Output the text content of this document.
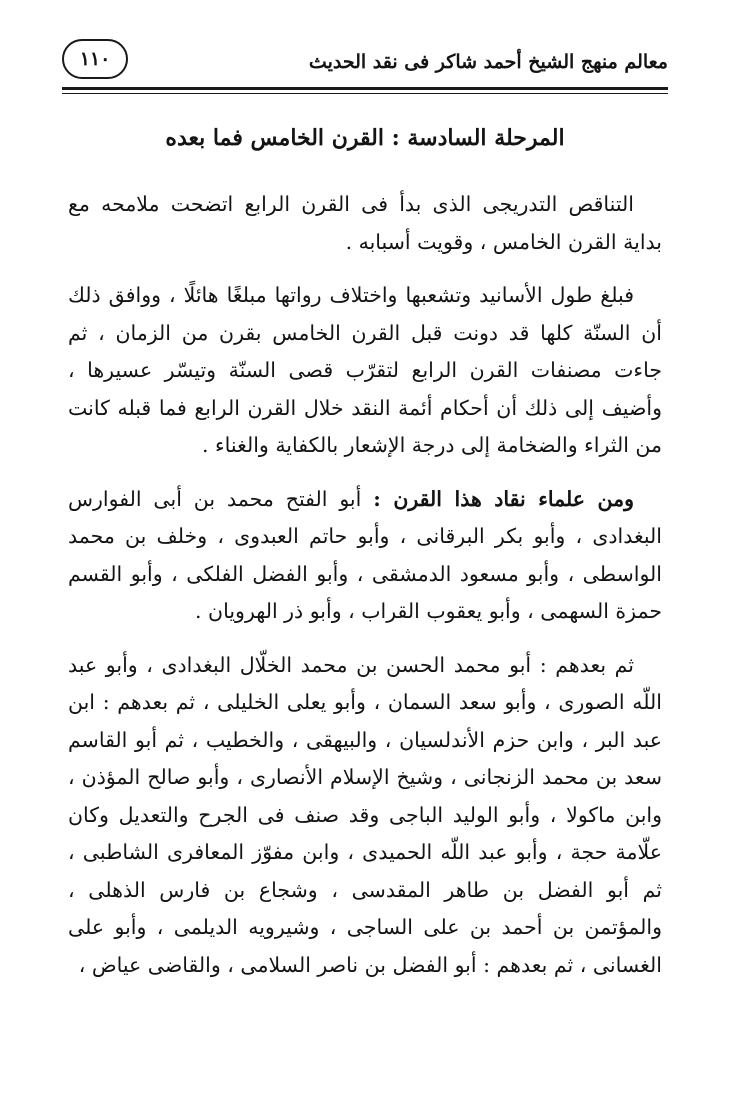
معالم منهج الشيخ أحمد شاكر فى نقد الحديث
١١٠
المرحلة السادسة : القرن الخامس فما بعده

التناقص التدريجى الذى بدأ فى القرن الرابع اتضحت ملامحه مع بداية القرن الخامس ، وقويت أسبابه .

فبلغ طول الأسانيد وتشعبها واختلاف رواتها مبلغًا هائلًا ، ووافق ذلك أن السنّة كلها قد دونت قبل القرن الخامس بقرن من الزمان ، ثم جاءت مصنفات القرن الرابع لتقرّب قصى السنّة وتيسّر عسيرها ، وأضيف إلى ذلك أن أحكام أئمة النقد خلال القرن الرابع فما قبله كانت من الثراء والضخامة إلى درجة الإشعار بالكفاية والغناء .

ومن علماء نقاد هذا القرن : أبو الفتح محمد بن أبى الفوارس البغدادى ، وأبو بكر البرقانى ، وأبو حاتم العبدوى ، وخلف بن محمد الواسطى ، وأبو مسعود الدمشقى ، وأبو الفضل الفلكى ، وأبو القسم حمزة السهمى ، وأبو يعقوب القراب ، وأبو ذر الهرويان .

ثم بعدهم : أبو محمد الحسن بن محمد الخلّال البغدادى ، وأبو عبد اللّه الصورى ، وأبو سعد السمان ، وأبو يعلى الخليلى ، ثم بعدهم : ابن عبد البر ، وابن حزم الأندلسيان ، والبيهقى ، والخطيب ، ثم أبو القاسم سعد بن محمد الزنجانى ، وشيخ الإسلام الأنصارى ، وأبو صالح المؤذن ، وابن ماكولا ، وأبو الوليد الباجى وقد صنف فى الجرح والتعديل وكان علّامة حجة ، وأبو عبد اللّه الحميدى ، وابن مفوّز المعافرى الشاطبى ، ثم أبو الفضل بن طاهر المقدسى ، وشجاع بن فارس الذهلى ، والمؤتمن بن أحمد بن على الساجى ، وشيرويه الديلمى ، وأبو على الغسانى ، ثم بعدهم : أبو الفضل بن ناصر السلامى ، والقاضى عياض ،
